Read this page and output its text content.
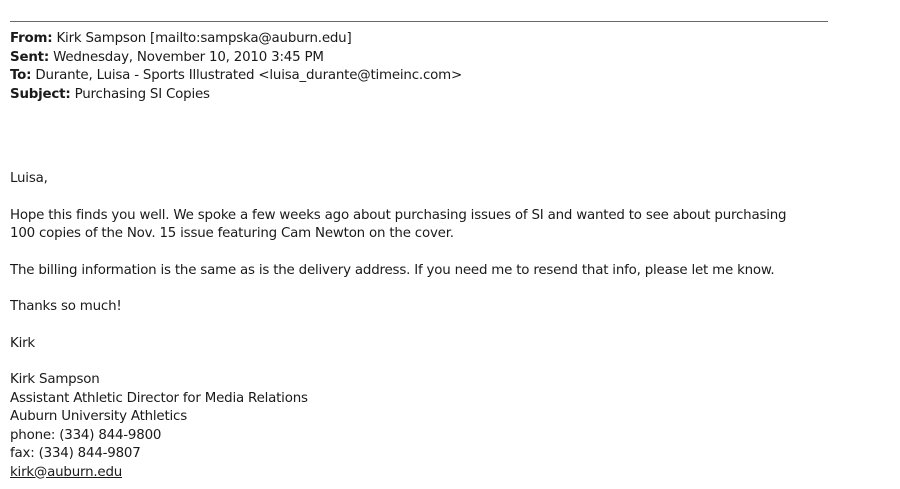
From: Kirk Sampson [mailto:sampska@auburn.edu]
Sent: Wednesday, November 10, 2010 3:45 PM
To: Durante, Luisa - Sports Illustrated <luisa_durante@timeinc.com>
Subject: Purchasing SI Copies

Luisa,

Hope this finds you well. We spoke a few weeks ago about purchasing issues of SI and wanted to see about purchasing

100 copies of the Nov. 15 issue featuring Cam Newton on the cover.

The billing information is the same as is the delivery address. If you need me to resend that info, please let me know.

Thanks so much!

Kirk

Kirk Sampson
Assistant Athletic Director for Media Relations
Auburn University Athletics
phone: (334) 844-9800
fax: (334) 844-9807
kirk@auburn.edu
